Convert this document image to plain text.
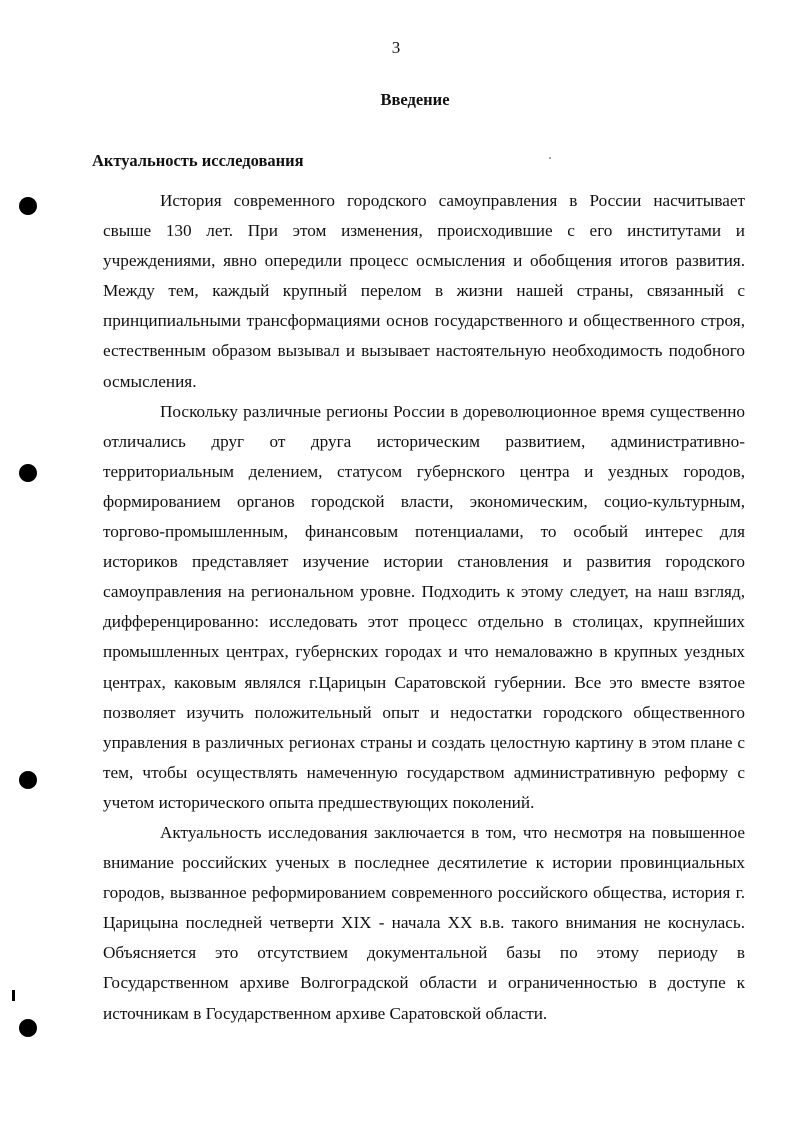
3
Введение
Актуальность исследования

История современного городского самоуправления в России насчитывает свыше 130 лет. При этом изменения, происходившие с его институтами и учреждениями, явно опередили процесс осмысления и обобщения итогов развития. Между тем, каждый крупный перелом в жизни нашей страны, связанный с принципиальными трансформациями основ государственного и общественного строя, естественным образом вызывал и вызывает настоятельную необходимость подобного осмысления.

Поскольку различные регионы России в дореволюционное время существенно отличались друг от друга историческим развитием, административно-территориальным делением, статусом губернского центра и уездных городов, формированием органов городской власти, экономическим, социо-культурным, торгово-промышленным, финансовым потенциалами, то особый интерес для историков представляет изучение истории становления и развития городского самоуправления на региональном уровне. Подходить к этому следует, на наш взгляд, дифференцированно: исследовать этот процесс отдельно в столицах, крупнейших промышленных центрах, губернских городах и что немаловажно в крупных уездных центрах, каковым являлся г.Царицын Саратовской губернии. Все это вместе взятое позволяет изучить положительный опыт и недостатки городского общественного управления в различных регионах страны и создать целостную картину в этом плане с тем, чтобы осуществлять намеченную государством административную реформу с учетом исторического опыта предшествующих поколений.

Актуальность исследования заключается в том, что несмотря на повышенное внимание российских ученых в последнее десятилетие к истории провинциальных городов, вызванное реформированием современного российского общества, история г. Царицына последней четверти XIX - начала XX в.в. такого внимания не коснулась. Объясняется это отсутствием документальной базы по этому периоду в Государственном архиве Волгоградской области и ограниченностью в доступе к источникам в Государственном архиве Саратовской области.
